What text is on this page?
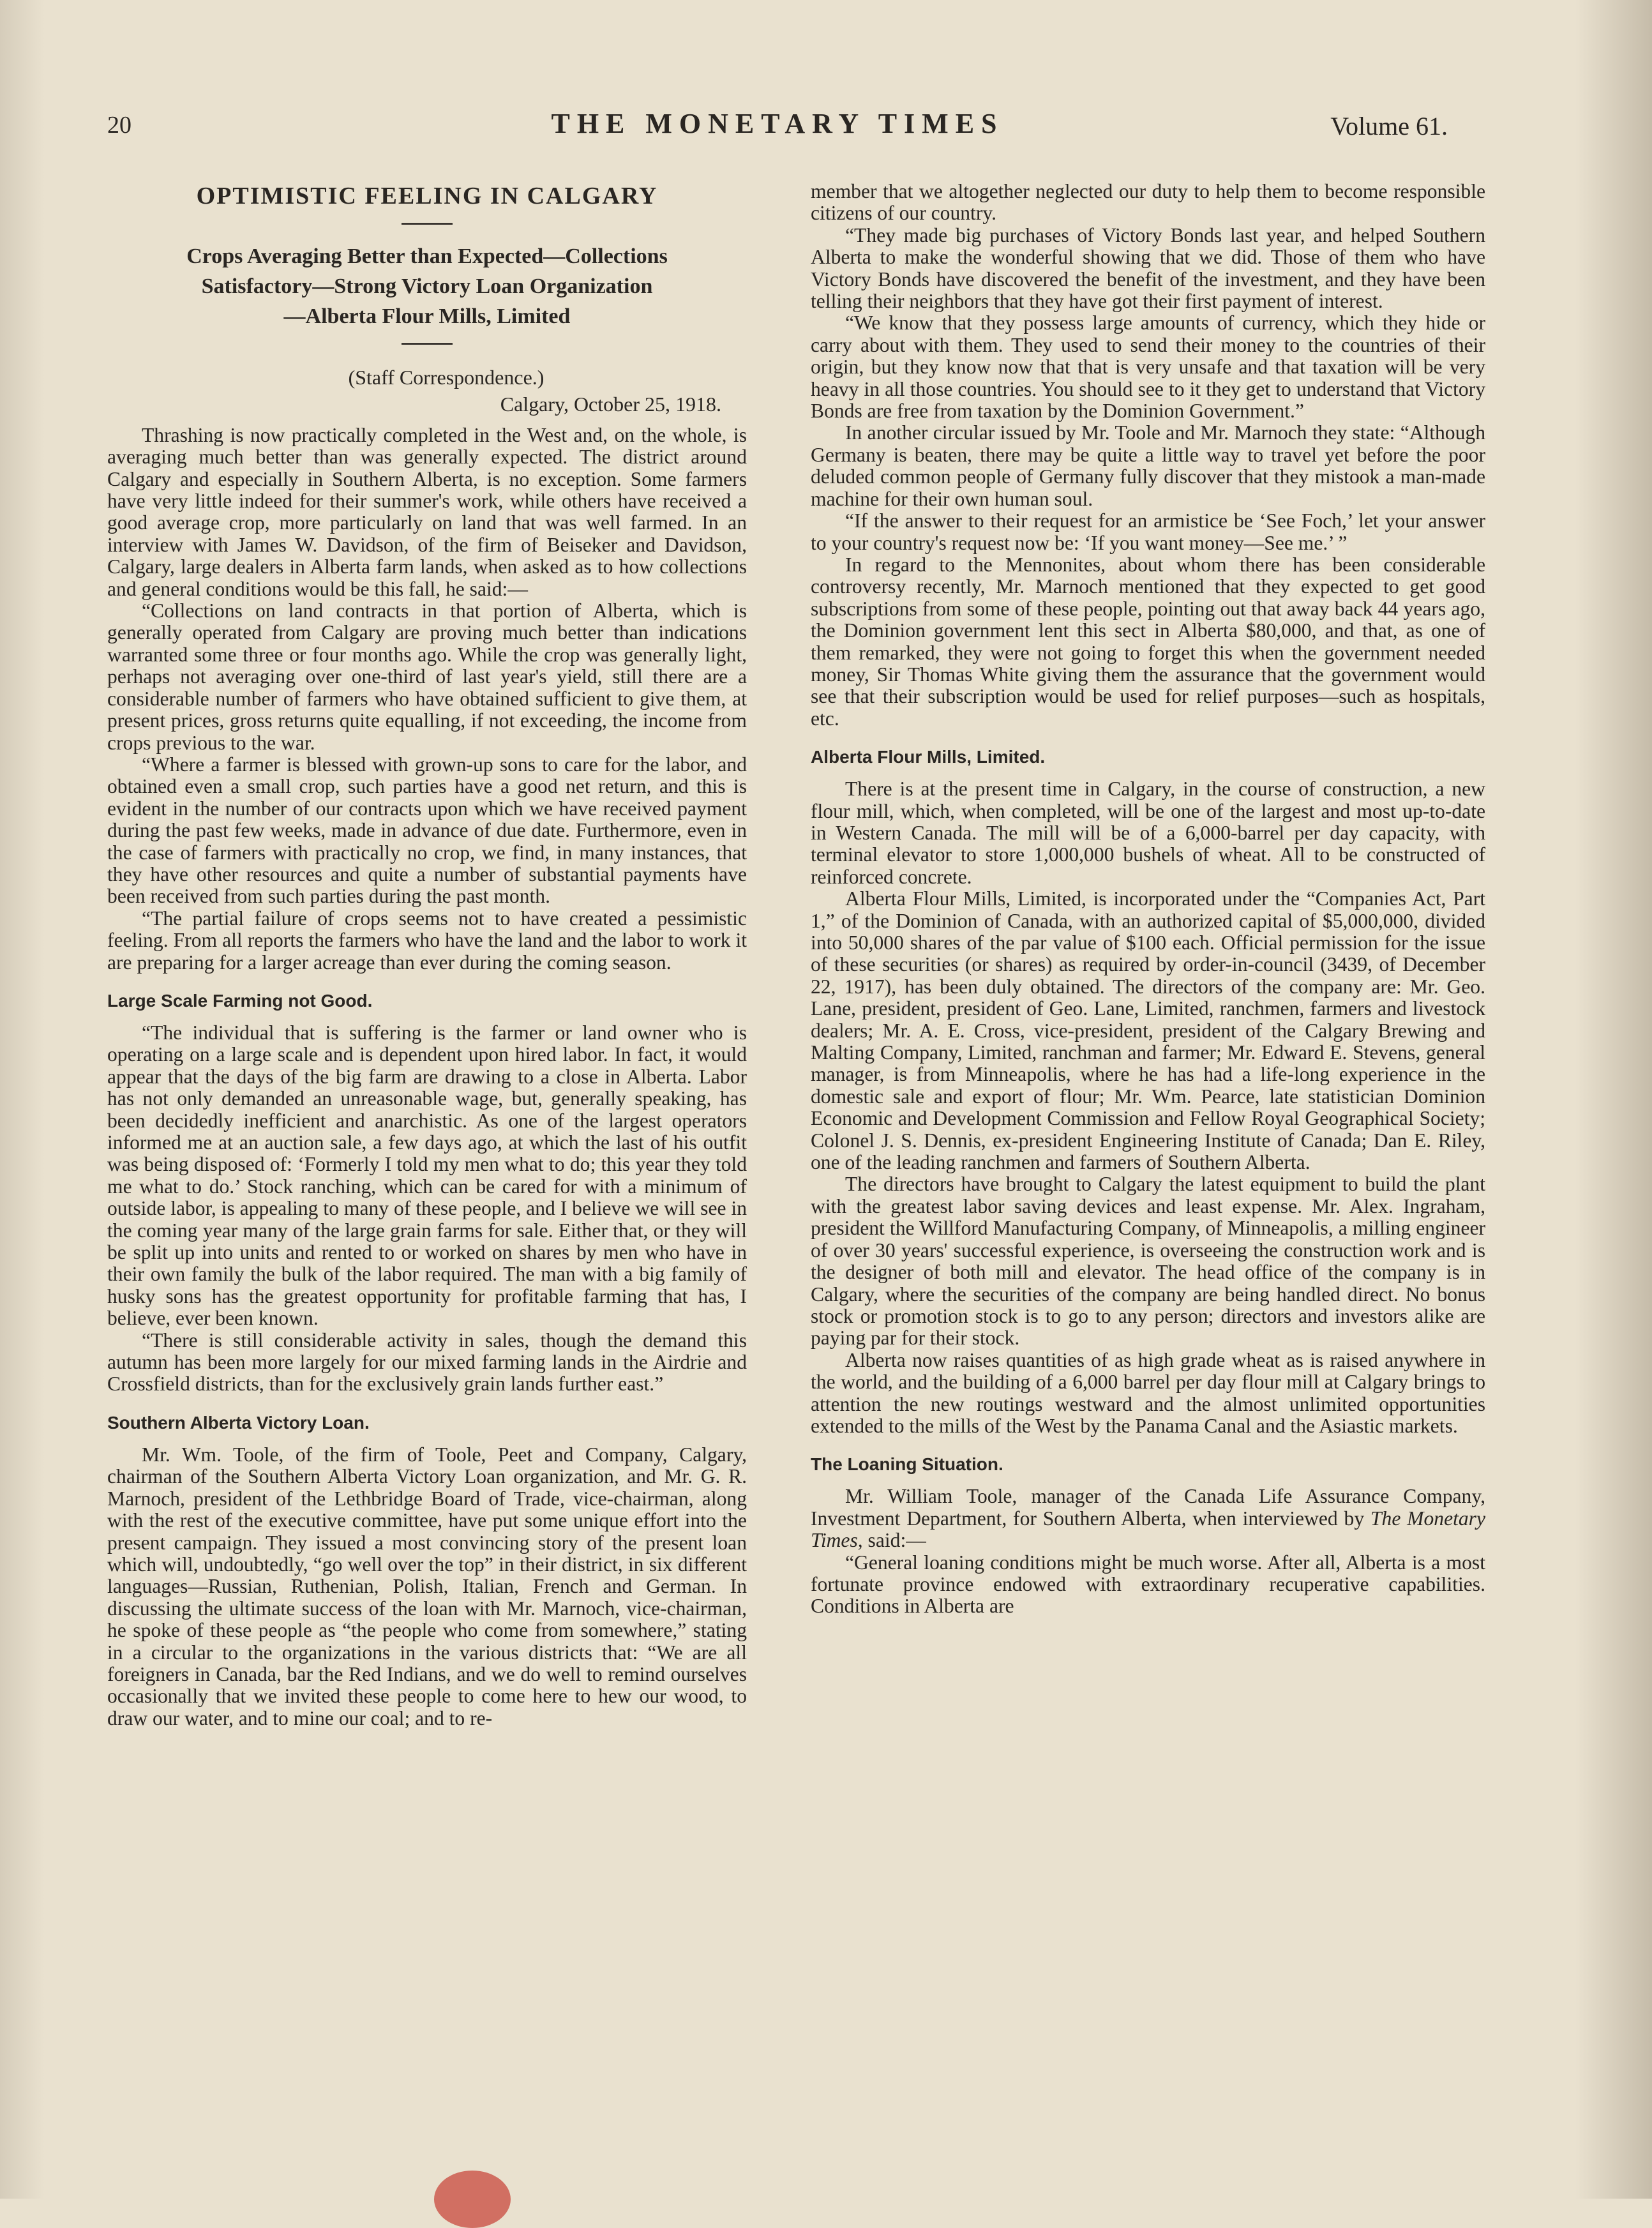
20	THE MONETARY TIMES	Volume 61.
OPTIMISTIC FEELING IN CALGARY
Crops Averaging Better than Expected—Collections
Satisfactory—Strong Victory Loan Organization
—Alberta Flour Mills, Limited
(Staff Correspondence.)
Calgary, October 25, 1918.

Thrashing is now practically completed in the West and, on the whole, is averaging much better than was generally expected. The district around Calgary and especially in Southern Alberta, is no exception. Some farmers have very little indeed for their summer's work, while others have received a good average crop, more particularly on land that was well farmed. In an interview with James W. Davidson, of the firm of Beiseker and Davidson, Calgary, large dealers in Alberta farm lands, when asked as to how collections and general conditions would be this fall, he said:—

“Collections on land contracts in that portion of Alberta, which is generally operated from Calgary are proving much better than indications warranted some three or four months ago. While the crop was generally light, perhaps not averaging over one-third of last year's yield, still there are a considerable number of farmers who have obtained sufficient to give them, at present prices, gross returns quite equalling, if not exceeding, the income from crops previous to the war.

“Where a farmer is blessed with grown-up sons to care for the labor, and obtained even a small crop, such parties have a good net return, and this is evident in the number of our contracts upon which we have received payment during the past few weeks, made in advance of due date. Furthermore, even in the case of farmers with practically no crop, we find, in many instances, that they have other resources and quite a number of substantial payments have been received from such parties during the past month.

“The partial failure of crops seems not to have created a pessimistic feeling. From all reports the farmers who have the land and the labor to work it are preparing for a larger acreage than ever during the coming season.

Large Scale Farming not Good.

“The individual that is suffering is the farmer or land owner who is operating on a large scale and is dependent upon hired labor. In fact, it would appear that the days of the big farm are drawing to a close in Alberta. Labor has not only demanded an unreasonable wage, but, generally speaking, has been decidedly inefficient and anarchistic. As one of the largest operators informed me at an auction sale, a few days ago, at which the last of his outfit was being disposed of: ‘Formerly I told my men what to do; this year they told me what to do.’ Stock ranching, which can be cared for with a minimum of outside labor, is appealing to many of these people, and I believe we will see in the coming year many of the large grain farms for sale. Either that, or they will be split up into units and rented to or worked on shares by men who have in their own family the bulk of the labor required. The man with a big family of husky sons has the greatest opportunity for profitable farming that has, I believe, ever been known.

“There is still considerable activity in sales, though the demand this autumn has been more largely for our mixed farming lands in the Airdrie and Crossfield districts, than for the exclusively grain lands further east.”

Southern Alberta Victory Loan.

Mr. Wm. Toole, of the firm of Toole, Peet and Company, Calgary, chairman of the Southern Alberta Victory Loan organization, and Mr. G. R. Marnoch, president of the Lethbridge Board of Trade, vice-chairman, along with the rest of the executive committee, have put some unique effort into the present campaign. They issued a most convincing story of the present loan which will, undoubtedly, “go well over the top” in their district, in six different languages—Russian, Ruthenian, Polish, Italian, French and German. In discussing the ultimate success of the loan with Mr. Marnoch, vice-chairman, he spoke of these people as “the people who come from somewhere,” stating in a circular to the organizations in the various districts that: “We are all foreigners in Canada, bar the Red Indians, and we do well to remind ourselves occasionally that we invited these people to come here to hew our wood, to draw our water, and to mine our coal; and to re-

member that we altogether neglected our duty to help them to become responsible citizens of our country.

“They made big purchases of Victory Bonds last year, and helped Southern Alberta to make the wonderful showing that we did. Those of them who have Victory Bonds have discovered the benefit of the investment, and they have been telling their neighbors that they have got their first payment of interest.

“We know that they possess large amounts of currency, which they hide or carry about with them. They used to send their money to the countries of their origin, but they know now that that is very unsafe and that taxation will be very heavy in all those countries. You should see to it they get to understand that Victory Bonds are free from taxation by the Dominion Government.”

In another circular issued by Mr. Toole and Mr. Marnoch they state: “Although Germany is beaten, there may be quite a little way to travel yet before the poor deluded common people of Germany fully discover that they mistook a man-made machine for their own human soul.

“If the answer to their request for an armistice be ‘See Foch,’ let your answer to your country's request now be: ‘If you want money—See me.’ ”

In regard to the Mennonites, about whom there has been considerable controversy recently, Mr. Marnoch mentioned that they expected to get good subscriptions from some of these people, pointing out that away back 44 years ago, the Dominion government lent this sect in Alberta $80,000, and that, as one of them remarked, they were not going to forget this when the government needed money, Sir Thomas White giving them the assurance that the government would see that their subscription would be used for relief purposes—such as hospitals, etc.

Alberta Flour Mills, Limited.

There is at the present time in Calgary, in the course of construction, a new flour mill, which, when completed, will be one of the largest and most up-to-date in Western Canada. The mill will be of a 6,000-barrel per day capacity, with terminal elevator to store 1,000,000 bushels of wheat. All to be constructed of reinforced concrete.

Alberta Flour Mills, Limited, is incorporated under the “Companies Act, Part 1,” of the Dominion of Canada, with an authorized capital of $5,000,000, divided into 50,000 shares of the par value of $100 each. Official permission for the issue of these securities (or shares) as required by order-in-council (3439, of December 22, 1917), has been duly obtained. The directors of the company are: Mr. Geo. Lane, president, president of Geo. Lane, Limited, ranchmen, farmers and livestock dealers; Mr. A. E. Cross, vice-president, president of the Calgary Brewing and Malting Company, Limited, ranchman and farmer; Mr. Edward E. Stevens, general manager, is from Minneapolis, where he has had a life-long experience in the domestic sale and export of flour; Mr. Wm. Pearce, late statistician Dominion Economic and Development Commission and Fellow Royal Geographical Society; Colonel J. S. Dennis, ex-president Engineering Institute of Canada; Dan E. Riley, one of the leading ranchmen and farmers of Southern Alberta.

The directors have brought to Calgary the latest equipment to build the plant with the greatest labor saving devices and least expense. Mr. Alex. Ingraham, president the Willford Manufacturing Company, of Minneapolis, a milling engineer of over 30 years' successful experience, is overseeing the construction work and is the designer of both mill and elevator. The head office of the company is in Calgary, where the securities of the company are being handled direct. No bonus stock or promotion stock is to go to any person; directors and investors alike are paying par for their stock.

Alberta now raises quantities of as high grade wheat as is raised anywhere in the world, and the building of a 6,000 barrel per day flour mill at Calgary brings to attention the new routings westward and the almost unlimited opportunities extended to the mills of the West by the Panama Canal and the Asiastic markets.

The Loaning Situation.

Mr. William Toole, manager of the Canada Life Assurance Company, Investment Department, for Southern Alberta, when interviewed by The Monetary Times, said:—

“General loaning conditions might be much worse. After all, Alberta is a most fortunate province endowed with extraordinary recuperative capabilities. Conditions in Alberta are
